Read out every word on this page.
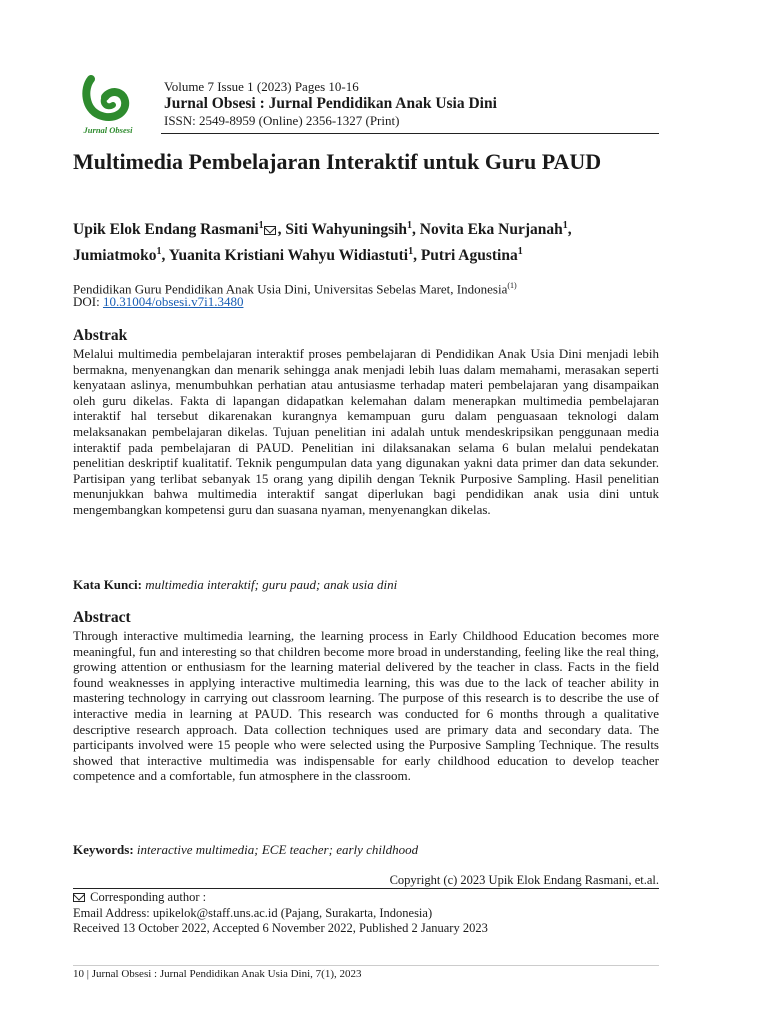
Jurnal Obsesi
Volume 7 Issue 1 (2023) Pages 10-16
Jurnal Obsesi : Jurnal Pendidikan Anak Usia Dini
ISSN: 2549-8959 (Online) 2356-1327 (Print)
Multimedia Pembelajaran Interaktif untuk Guru PAUD

Upik Elok Endang Rasmani$^1$ , Siti Wahyuningsih$^1$, Novita Eka Nurjanah$^1$, Jumiatmoko$^1$, Yuanita Kristiani Wahyu Widiastuti$^1$, Putri Agustina$^1$

Pendidikan Guru Pendidikan Anak Usia Dini, Universitas Sebelas Maret, Indonesia$^{(1)}$
DOI: 10.31004/obsesi.v7i1.3480
Abstrak

Melalui multimedia pembelajaran interaktif proses pembelajaran di Pendidikan Anak Usia Dini menjadi lebih bermakna, menyenangkan dan menarik sehingga anak menjadi lebih luas dalam memahami, merasakan seperti kenyataan aslinya, menumbuhkan perhatian atau antusiasme terhadap materi pembelajaran yang disampaikan oleh guru dikelas. Fakta di lapangan didapatkan kelemahan dalam menerapkan multimedia pembelajaran interaktif hal tersebut dikarenakan kurangnya kemampuan guru dalam penguasaan teknologi dalam melaksanakan pembelajaran dikelas. Tujuan penelitian ini adalah untuk mendeskripsikan penggunaan media interaktif pada pembelajaran di PAUD. Penelitian ini dilaksanakan selama 6 bulan melalui pendekatan penelitian deskriptif kualitatif. Teknik pengumpulan data yang digunakan yakni data primer dan data sekunder. Partisipan yang terlibat sebanyak 15 orang yang dipilih dengan Teknik Purposive Sampling. Hasil penelitian menunjukkan bahwa multimedia interaktif sangat diperlukan bagi pendidikan anak usia dini untuk mengembangkan kompetensi guru dan suasana nyaman, menyenangkan dikelas.

Kata Kunci: multimedia interaktif; guru paud; anak usia dini
Abstract

Through interactive multimedia learning, the learning process in Early Childhood Education becomes more meaningful, fun and interesting so that children become more broad in understanding, feeling like the real thing, growing attention or enthusiasm for the learning material delivered by the teacher in class. Facts in the field found weaknesses in applying interactive multimedia learning, this was due to the lack of teacher ability in mastering technology in carrying out classroom learning. The purpose of this research is to describe the use of interactive media in learning at PAUD. This research was conducted for 6 months through a qualitative descriptive research approach. Data collection techniques used are primary data and secondary data. The participants involved were 15 people who were selected using the Purposive Sampling Technique. The results showed that interactive multimedia was indispensable for early childhood education to develop teacher competence and a comfortable, fun atmosphere in the classroom.

Keywords: interactive multimedia; ECE teacher; early childhood
Copyright (c) 2023 Upik Elok Endang Rasmani, et.al.
Corresponding author :
Email Address: upikelok@staff.uns.ac.id (Pajang, Surakarta, Indonesia)
Received 13 October 2022, Accepted 6 November 2022, Published 2 January 2023
10 | Jurnal Obsesi : Jurnal Pendidikan Anak Usia Dini, 7(1), 2023
